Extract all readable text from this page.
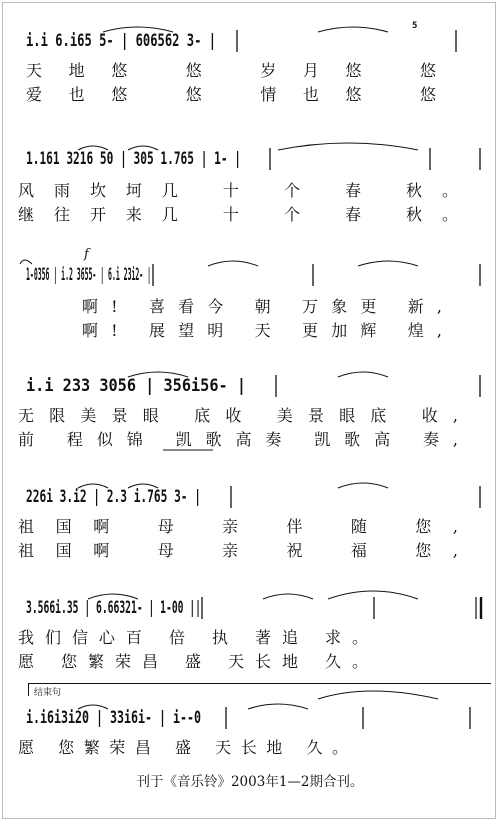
i.i 6.i65 5- | 606562 3- |
5
天地悠 悠 岁月悠 悠
爱也悠 悠 情也悠 悠
1.161 3216 50 | 305 1.765 | 1- |
风雨坎坷几 十 个 春 秋。
继往开来几 十 个 春 秋。
f
1-0356 | i.2 3655- | 6.i 23i2- |
啊! 喜看今 朝 万象更 新,
啊! 展望明 天 更加辉 煌,
i.i 233 3056 | 356i56- |
无限美景眼 底收 美景眼底 收,
前 程似锦 凯歌高奏 凯歌高 奏,
226i 3.i2 | 2.3 i.765 3- |
祖国啊 母 亲 伴 随 您,
祖国啊 母 亲 祝 福 您,
3.566i.35 | 6.66321- | 1-00 ||
我们信心百 倍 执 著追 求。
愿 您繁荣昌 盛 天长地 久。
结束句
i.i6i3i20 | 33i6i- | i--0
愿 您繁荣昌 盛 天长地 久。
刊于《音乐铃》2003年1—2期合刊。
